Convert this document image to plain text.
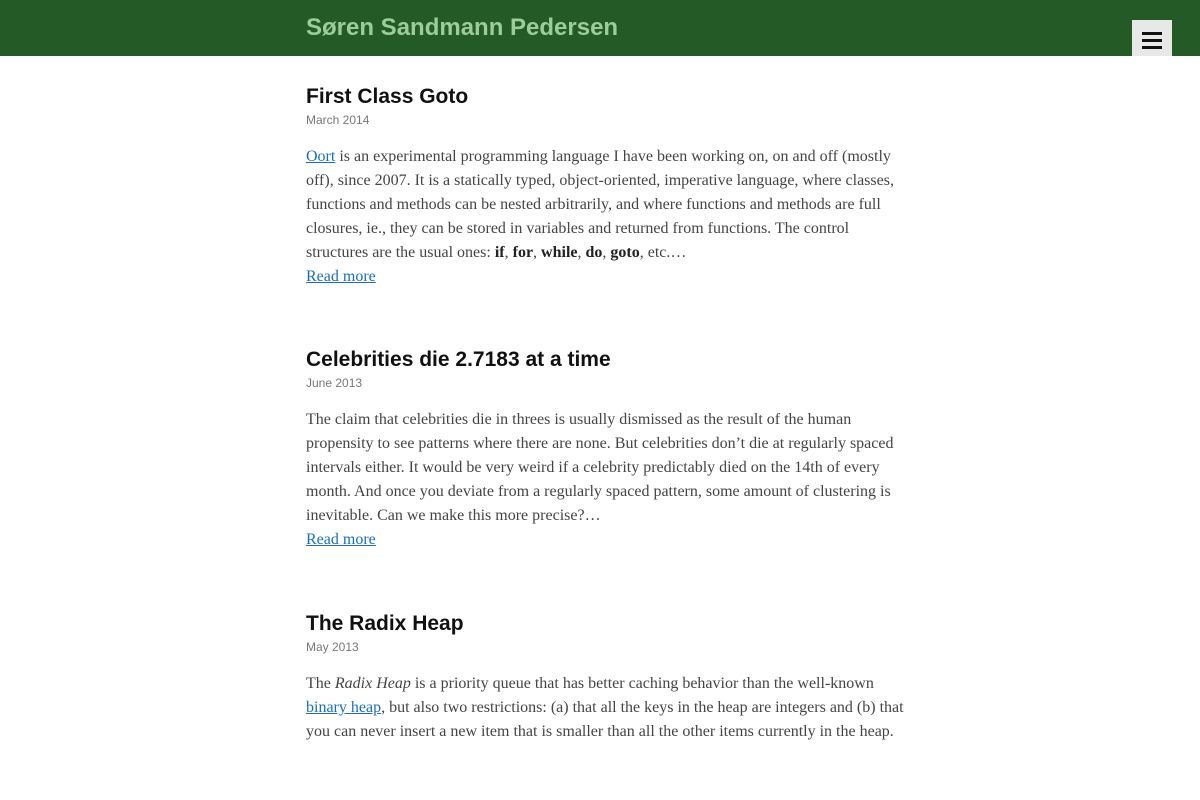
Søren Sandmann Pedersen
First Class Goto

March 2014

Oort is an experimental programming language I have been working on, on and off (mostly off), since 2007. It is a statically typed, object-oriented, imperative language, where classes, functions and methods can be nested arbitrarily, and where functions and methods are full closures, ie., they can be stored in variables and returned from functions. The control structures are the usual ones: if, for, while, do, goto, etc.…

Read more
Celebrities die 2.7183 at a time

June 2013

The claim that celebrities die in threes is usually dismissed as the result of the human propensity to see patterns where there are none. But celebrities don’t die at regularly spaced intervals either. It would be very weird if a celebrity predictably died on the 14th of every month. And once you deviate from a regularly spaced pattern, some amount of clustering is inevitable. Can we make this more precise?…

Read more
The Radix Heap

May 2013

The Radix Heap is a priority queue that has better caching behavior than the well-known binary heap, but also two restrictions: (a) that all the keys in the heap are integers and (b) that you can never insert a new item that is smaller than all the other items currently in the heap.
